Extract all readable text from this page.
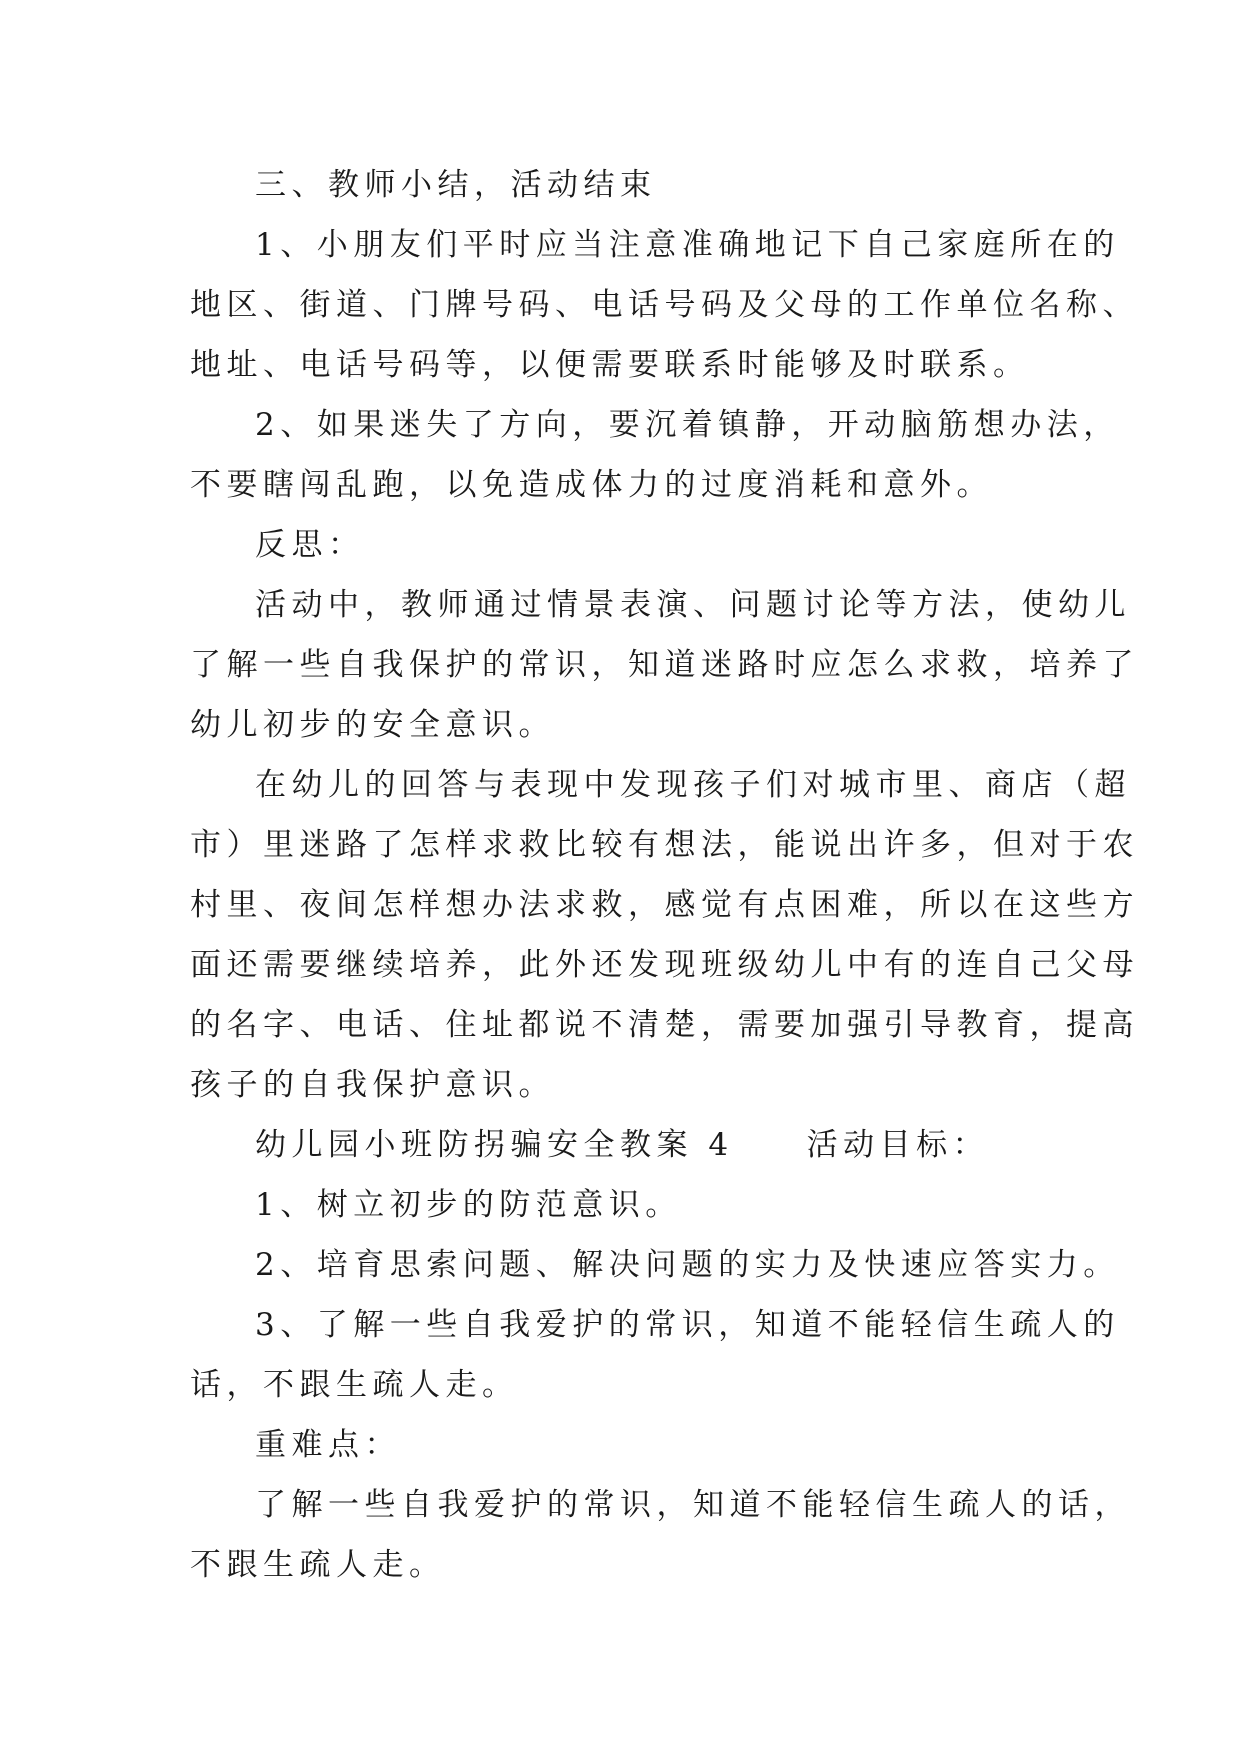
三、教师小结，活动结束
1、小朋友们平时应当注意准确地记下自己家庭所在的
地区、街道、门牌号码、电话号码及父母的工作单位名称、
地址、电话号码等，以便需要联系时能够及时联系。
2、如果迷失了方向，要沉着镇静，开动脑筋想办法，
不要瞎闯乱跑，以免造成体力的过度消耗和意外。
反思：
活动中，教师通过情景表演、问题讨论等方法，使幼儿
了解一些自我保护的常识，知道迷路时应怎么求救，培养了
幼儿初步的安全意识。
在幼儿的回答与表现中发现孩子们对城市里、商店（超
市）里迷路了怎样求救比较有想法，能说出许多，但对于农
村里、夜间怎样想办法求救，感觉有点困难，所以在这些方
面还需要继续培养，此外还发现班级幼儿中有的连自己父母
的名字、电话、住址都说不清楚，需要加强引导教育，提高
孩子的自我保护意识。
幼儿园小班防拐骗安全教案 4　　活动目标：
1、树立初步的防范意识。
2、培育思索问题、解决问题的实力及快速应答实力。
3、了解一些自我爱护的常识，知道不能轻信生疏人的
话，不跟生疏人走。
重难点：
了解一些自我爱护的常识，知道不能轻信生疏人的话，
不跟生疏人走。
